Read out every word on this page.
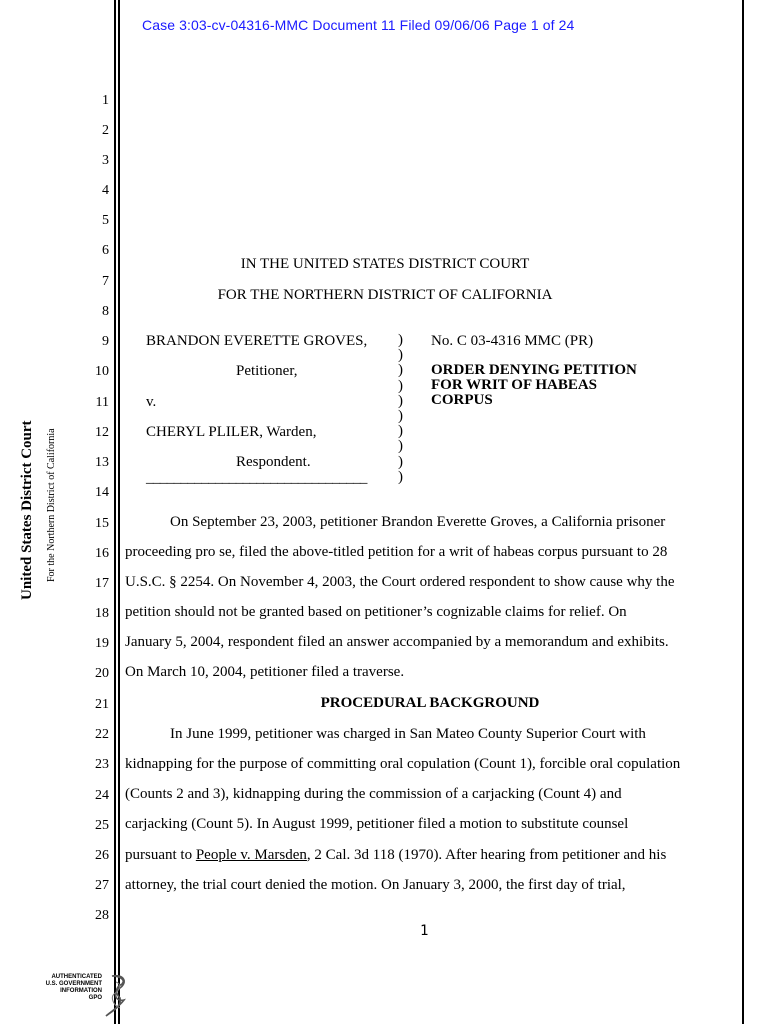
Case 3:03-cv-04316-MMC Document 11 Filed 09/06/06 Page 1 of 24
United States District Court For the Northern District of California
1
2
3
4
5
6
7
8
9
10
11
12
13
14
15
16
17
18
19
20
21
22
23
24
25
26
27
28
IN THE UNITED STATES DISTRICT COURT
FOR THE NORTHERN DISTRICT OF CALIFORNIA
BRANDON EVERETTE GROVES,
Petitioner,
v.
CHERYL PLILER, Warden,
Respondent.
________________________________
)
)
)
)
)
)
)
)
)
)
No. C 03-4316 MMC (PR)
ORDER DENYING PETITION
FOR WRIT OF HABEAS
CORPUS
On September 23, 2003, petitioner Brandon Everette Groves, a California prisoner
proceeding pro se, filed the above-titled petition for a writ of habeas corpus pursuant to 28
U.S.C. § 2254. On November 4, 2003, the Court ordered respondent to show cause why the
petition should not be granted based on petitioner’s cognizable claims for relief. On
January 5, 2004, respondent filed an answer accompanied by a memorandum and exhibits.
On March 10, 2004, petitioner filed a traverse.
PROCEDURAL BACKGROUND
In June 1999, petitioner was charged in San Mateo County Superior Court with
kidnapping for the purpose of committing oral copulation (Count 1), forcible oral copulation
(Counts 2 and 3), kidnapping during the commission of a carjacking (Count 4) and
carjacking (Count 5). In August 1999, petitioner filed a motion to substitute counsel
pursuant to People v. Marsden, 2 Cal. 3d 118 (1970). After hearing from petitioner and his
attorney, the trial court denied the motion. On January 3, 2000, the first day of trial,
1
AUTHENTICATED
U.S. GOVERNMENT
INFORMATION
GPO
